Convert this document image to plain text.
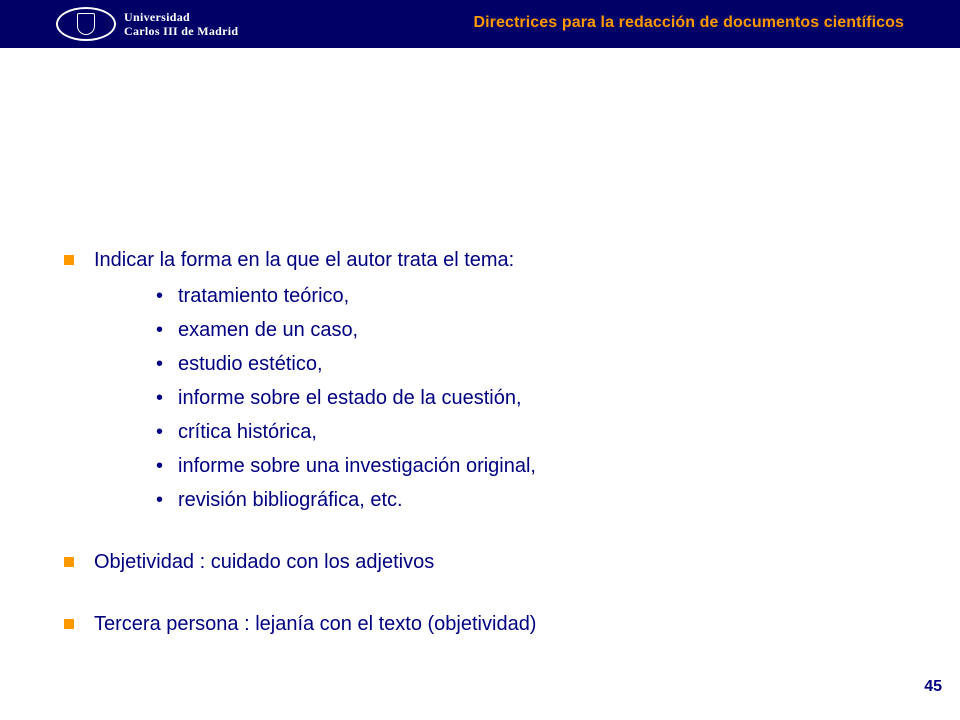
Universidad
Carlos III de Madrid	Directrices para la redacción de documentos científicos
Indicar la forma en la que el autor trata el tema:
• tratamiento teórico,
• examen de un caso,
• estudio estético,
• informe sobre el estado de la cuestión,
• crítica histórica,
• informe sobre una investigación original,
• revisión bibliográfica, etc.
Objetividad : cuidado con los adjetivos
Tercera persona : lejanía con el texto (objetividad)
45
